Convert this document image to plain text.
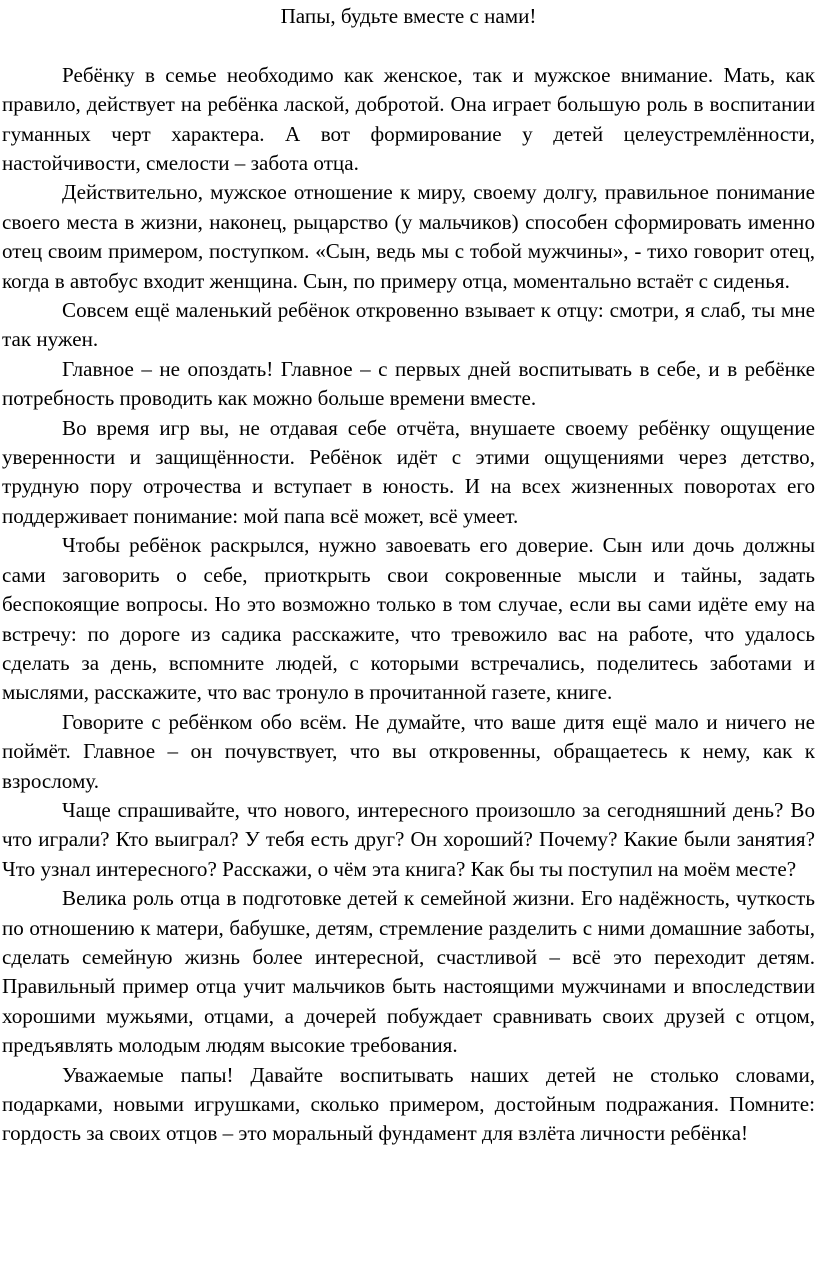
Папы, будьте вместе с нами!

Ребёнку в семье необходимо как женское, так и мужское внимание. Мать, как правило, действует на ребёнка лаской, добротой. Она играет большую роль в воспитании гуманных черт характера. А вот формирование у детей целеустремлённости, настойчивости, смелости – забота отца.

Действительно, мужское отношение к миру, своему долгу, правильное понимание своего места в жизни, наконец, рыцарство (у мальчиков) способен сформировать именно отец своим примером, поступком. «Сын, ведь мы с тобой мужчины», - тихо говорит отец, когда в автобус входит женщина. Сын, по примеру отца, моментально встаёт с сиденья.

Совсем ещё маленький ребёнок откровенно взывает к отцу: смотри, я слаб, ты мне так нужен.

Главное – не опоздать! Главное – с первых дней воспитывать в себе, и в ребёнке потребность проводить как можно больше времени вместе.

Во время игр вы, не отдавая себе отчёта, внушаете своему ребёнку ощущение уверенности и защищённости. Ребёнок идёт с этими ощущениями через детство, трудную пору отрочества и вступает в юность. И на всех жизненных поворотах его поддерживает понимание: мой папа всё может, всё умеет.

Чтобы ребёнок раскрылся, нужно завоевать его доверие. Сын или дочь должны сами заговорить о себе, приоткрыть свои сокровенные мысли и тайны, задать беспокоящие вопросы. Но это возможно только в том случае, если вы сами идёте ему на встречу: по дороге из садика расскажите, что тревожило вас на работе, что удалось сделать за день, вспомните людей, с которыми встречались, поделитесь заботами и мыслями, расскажите, что вас тронуло в прочитанной газете, книге.

Говорите с ребёнком обо всём. Не думайте, что ваше дитя ещё мало и ничего не поймёт. Главное – он почувствует, что вы откровенны, обращаетесь к нему, как к взрослому.

Чаще спрашивайте, что нового, интересного произошло за сегодняшний день? Во что играли? Кто выиграл? У тебя есть друг? Он хороший? Почему? Какие были занятия? Что узнал интересного? Расскажи, о чём эта книга? Как бы ты поступил на моём месте?

Велика роль отца в подготовке детей к семейной жизни. Его надёжность, чуткость по отношению к матери, бабушке, детям, стремление разделить с ними домашние заботы, сделать семейную жизнь более интересной, счастливой – всё это переходит детям. Правильный пример отца учит мальчиков быть настоящими мужчинами и впоследствии хорошими мужьями, отцами, а дочерей побуждает сравнивать своих друзей с отцом, предъявлять молодым людям высокие требования.

Уважаемые папы! Давайте воспитывать наших детей не столько словами, подарками, новыми игрушками, сколько примером, достойным подражания. Помните: гордость за своих отцов – это моральный фундамент для взлёта личности ребёнка!
